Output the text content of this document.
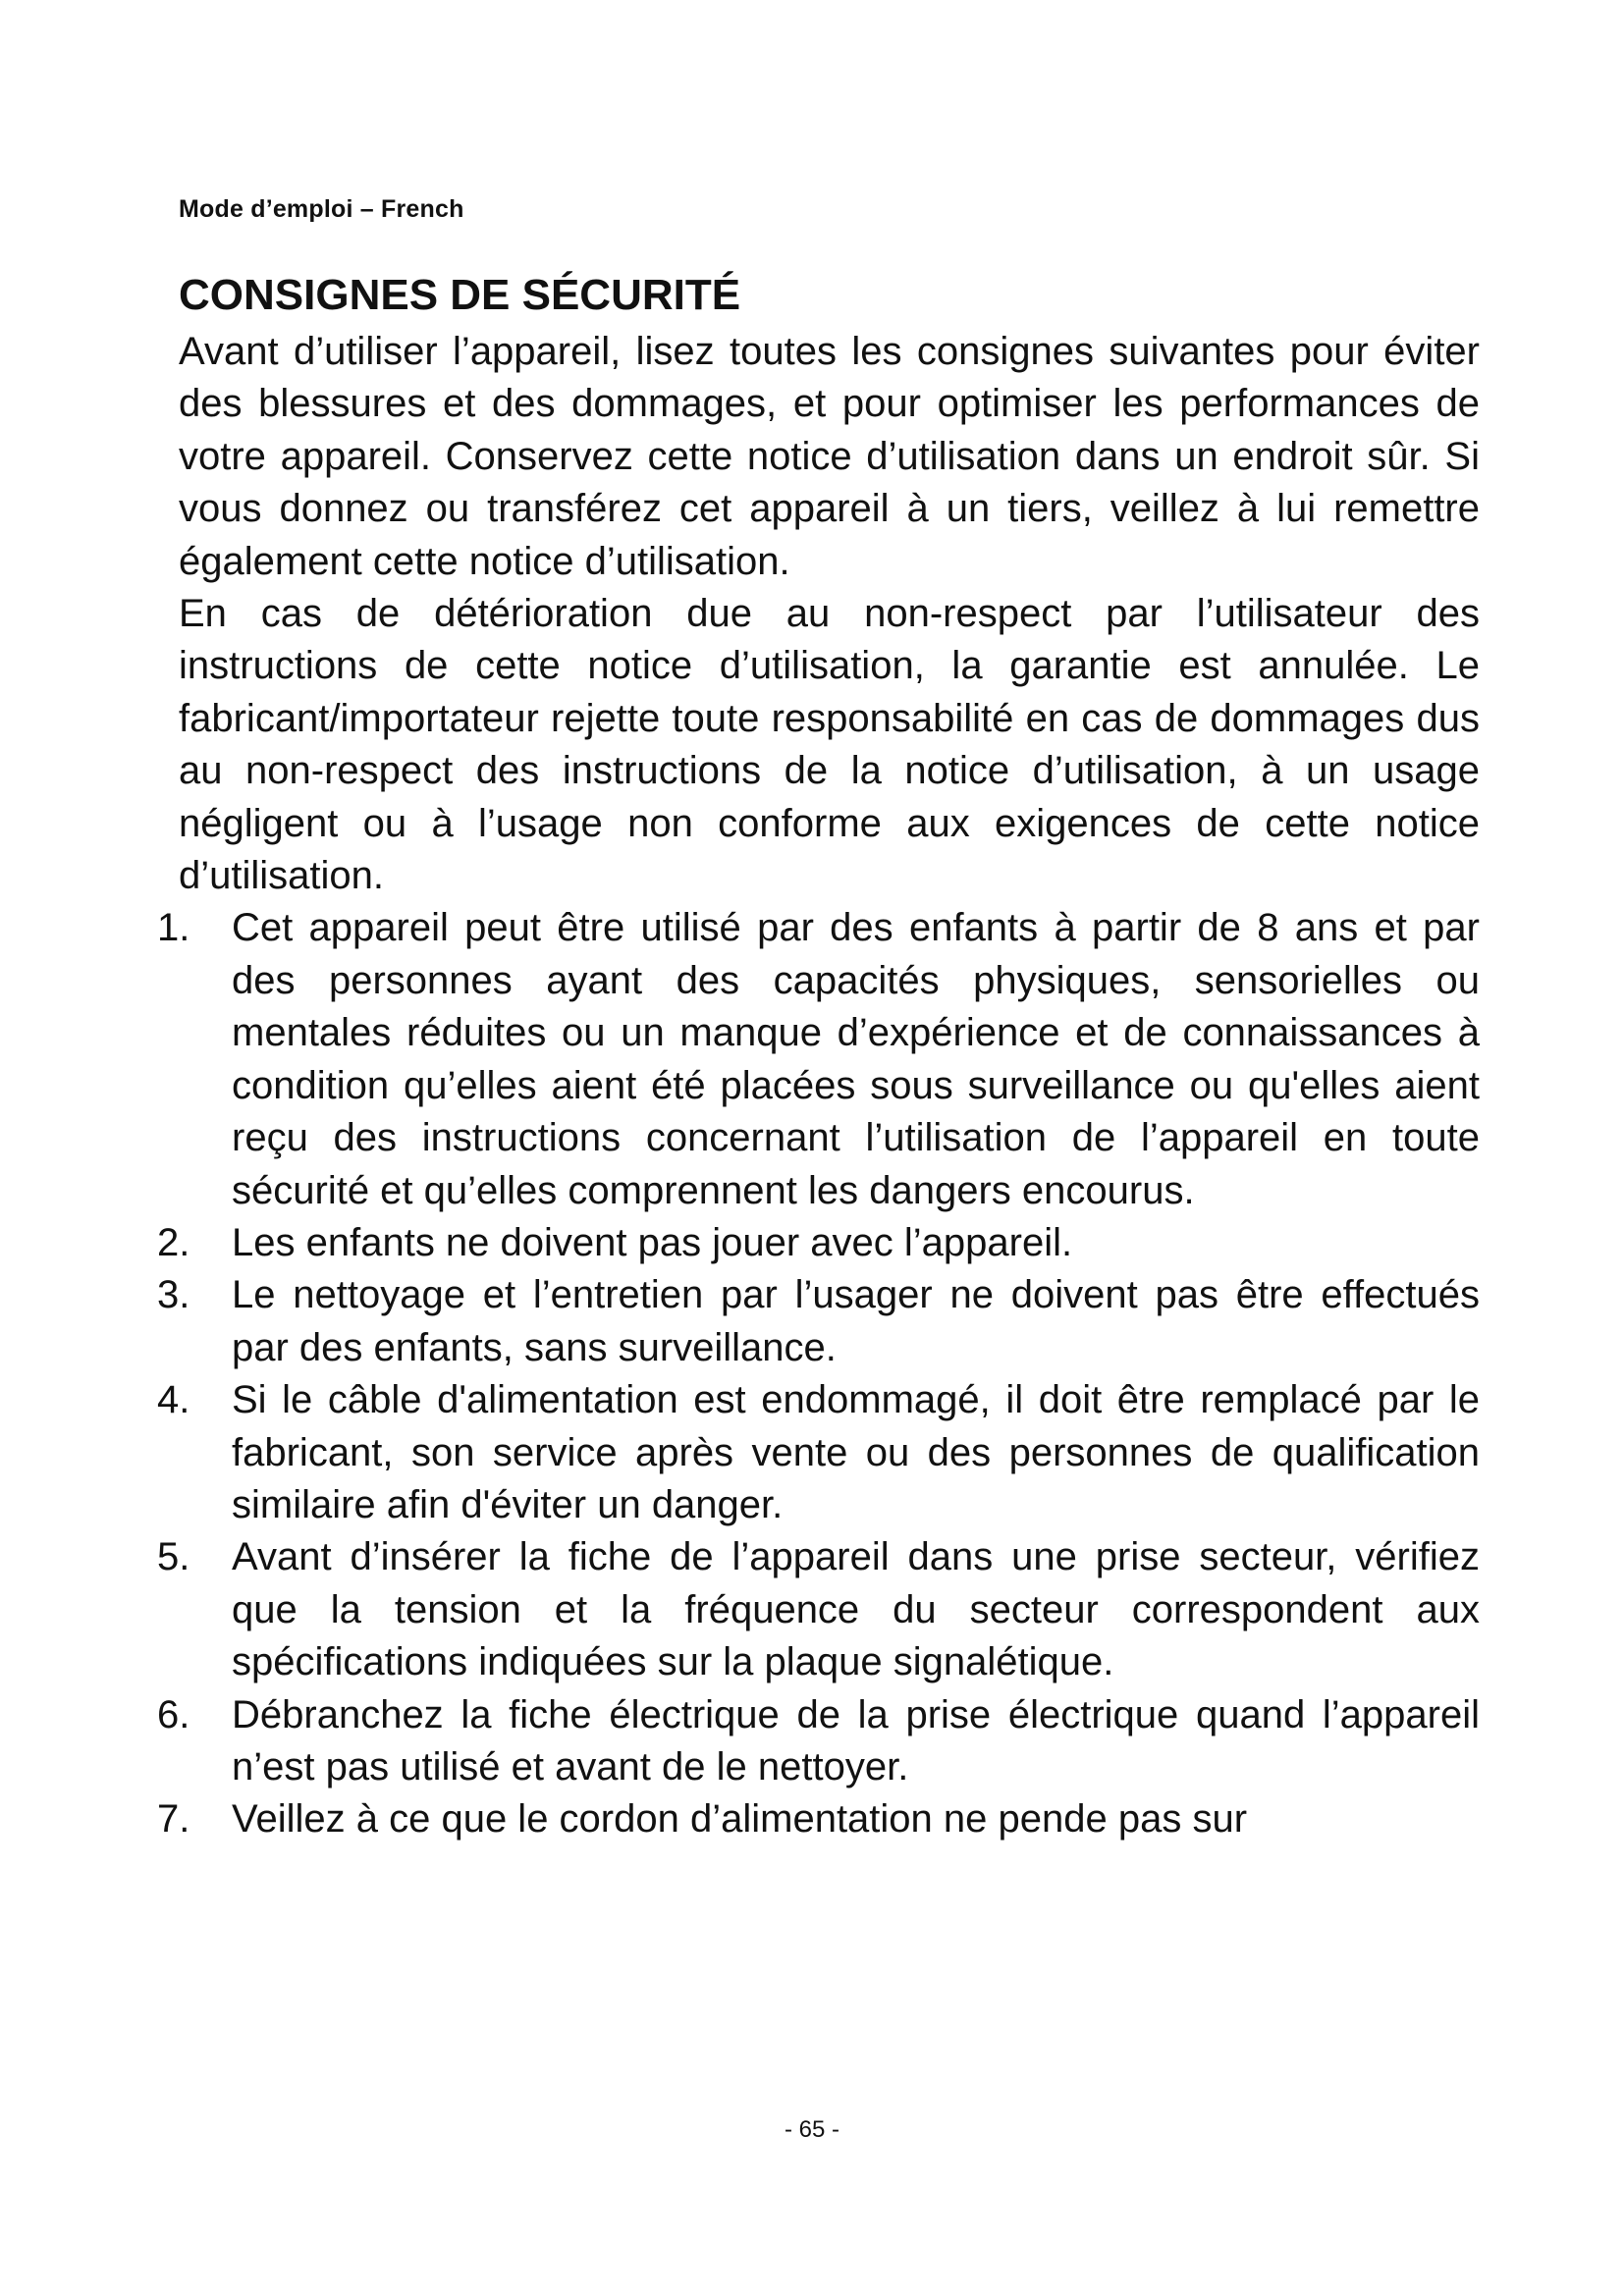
Mode d’emploi – French
CONSIGNES DE SÉCURITÉ

Avant d’utiliser l’appareil, lisez toutes les consignes suivantes pour éviter des blessures et des dommages, et pour optimiser les performances de votre appareil. Conservez cette notice d’utilisation dans un endroit sûr. Si vous donnez ou transférez cet appareil à un tiers, veillez à lui remettre également cette notice d’utilisation.

En cas de détérioration due au non-respect par l’utilisateur des instructions de cette notice d’utilisation, la garantie est annulée. Le fabricant/importateur rejette toute responsabilité en cas de dommages dus au non-respect des instructions de la notice d’utilisation, à un usage négligent ou à l’usage non conforme aux exigences de cette notice d’utilisation.

1.	Cet appareil peut être utilisé par des enfants à partir de 8 ans et par des personnes ayant des capacités physiques, sensorielles ou mentales réduites ou un manque d’expérience et de connaissances à condition qu’elles aient été placées sous surveillance ou qu'elles aient reçu des instructions concernant l’utilisation de l’appareil en toute sécurité et qu’elles comprennent les dangers encourus.
2.	Les enfants ne doivent pas jouer avec l’appareil.
3.	Le nettoyage et l’entretien par l’usager ne doivent pas être effectués par des enfants, sans surveillance.
4.	Si le câble d'alimentation est endommagé, il doit être remplacé par le fabricant, son service après vente ou des personnes de qualification similaire afin d'éviter un danger.
5.	Avant d’insérer la fiche de l’appareil dans une prise secteur, vérifiez que la tension et la fréquence du secteur correspondent aux spécifications indiquées sur la plaque signalétique.
6.	Débranchez la fiche électrique de la prise électrique quand l’appareil n’est pas utilisé et avant de le nettoyer.
7.	Veillez à ce que le cordon d’alimentation ne pende pas sur
- 65 -
